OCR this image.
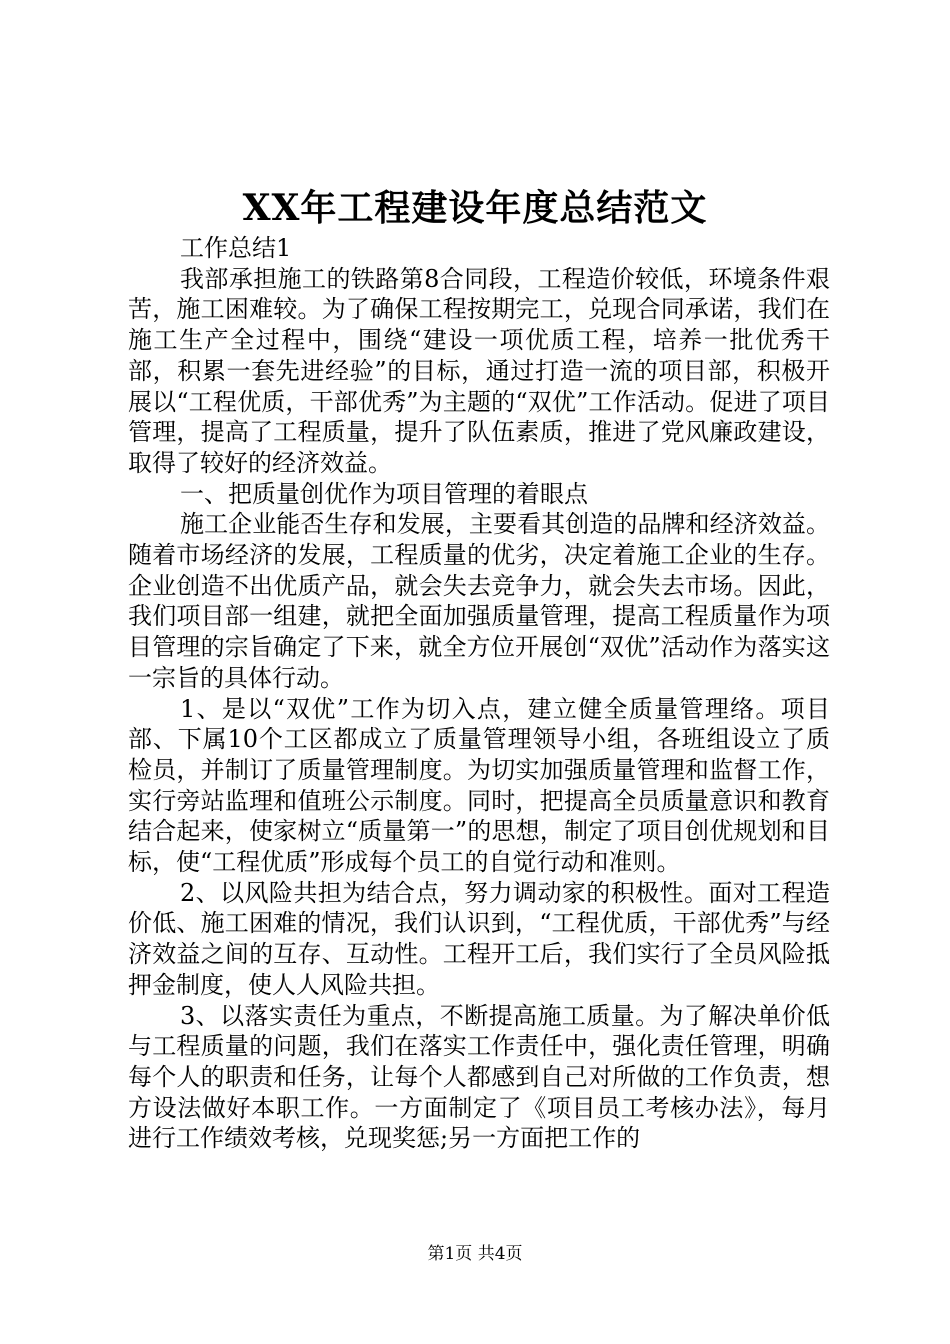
XX年工程建设年度总结范文

工作总结1

我部承担施工的铁路第8合同段，工程造价较低，环境条件艰苦，施工困难较。为了确保工程按期完工，兑现合同承诺，我们在施工生产全过程中，围绕“建设一项优质工程，培养一批优秀干部，积累一套先进经验”的目标，通过打造一流的项目部，积极开展以“工程优质，干部优秀”为主题的“双优”工作活动。促进了项目管理，提高了工程质量，提升了队伍素质，推进了党风廉政建设，取得了较好的经济效益。

一、把质量创优作为项目管理的着眼点

施工企业能否生存和发展，主要看其创造的品牌和经济效益。随着市场经济的发展，工程质量的优劣，决定着施工企业的生存。企业创造不出优质产品，就会失去竞争力，就会失去市场。因此，我们项目部一组建，就把全面加强质量管理，提高工程质量作为项目管理的宗旨确定了下来，就全方位开展创“双优”活动作为落实这一宗旨的具体行动。

1、是以“双优”工作为切入点，建立健全质量管理络。项目部、下属10个工区都成立了质量管理领导小组，各班组设立了质检员，并制订了质量管理制度。为切实加强质量管理和监督工作，实行旁站监理和值班公示制度。同时，把提高全员质量意识和教育结合起来，使家树立“质量第一”的思想，制定了项目创优规划和目标，使“工程优质”形成每个员工的自觉行动和准则。

2、以风险共担为结合点，努力调动家的积极性。面对工程造价低、施工困难的情况，我们认识到，“工程优质，干部优秀”与经济效益之间的互存、互动性。工程开工后，我们实行了全员风险抵押金制度，使人人风险共担。

3、以落实责任为重点，不断提高施工质量。为了解决单价低与工程质量的问题，我们在落实工作责任中，强化责任管理，明确每个人的职责和任务，让每个人都感到自己对所做的工作负责，想方设法做好本职工作。一方面制定了《项目员工考核办法》，每月进行工作绩效考核，兑现奖惩;另一方面把工作的

第1页 共4页
